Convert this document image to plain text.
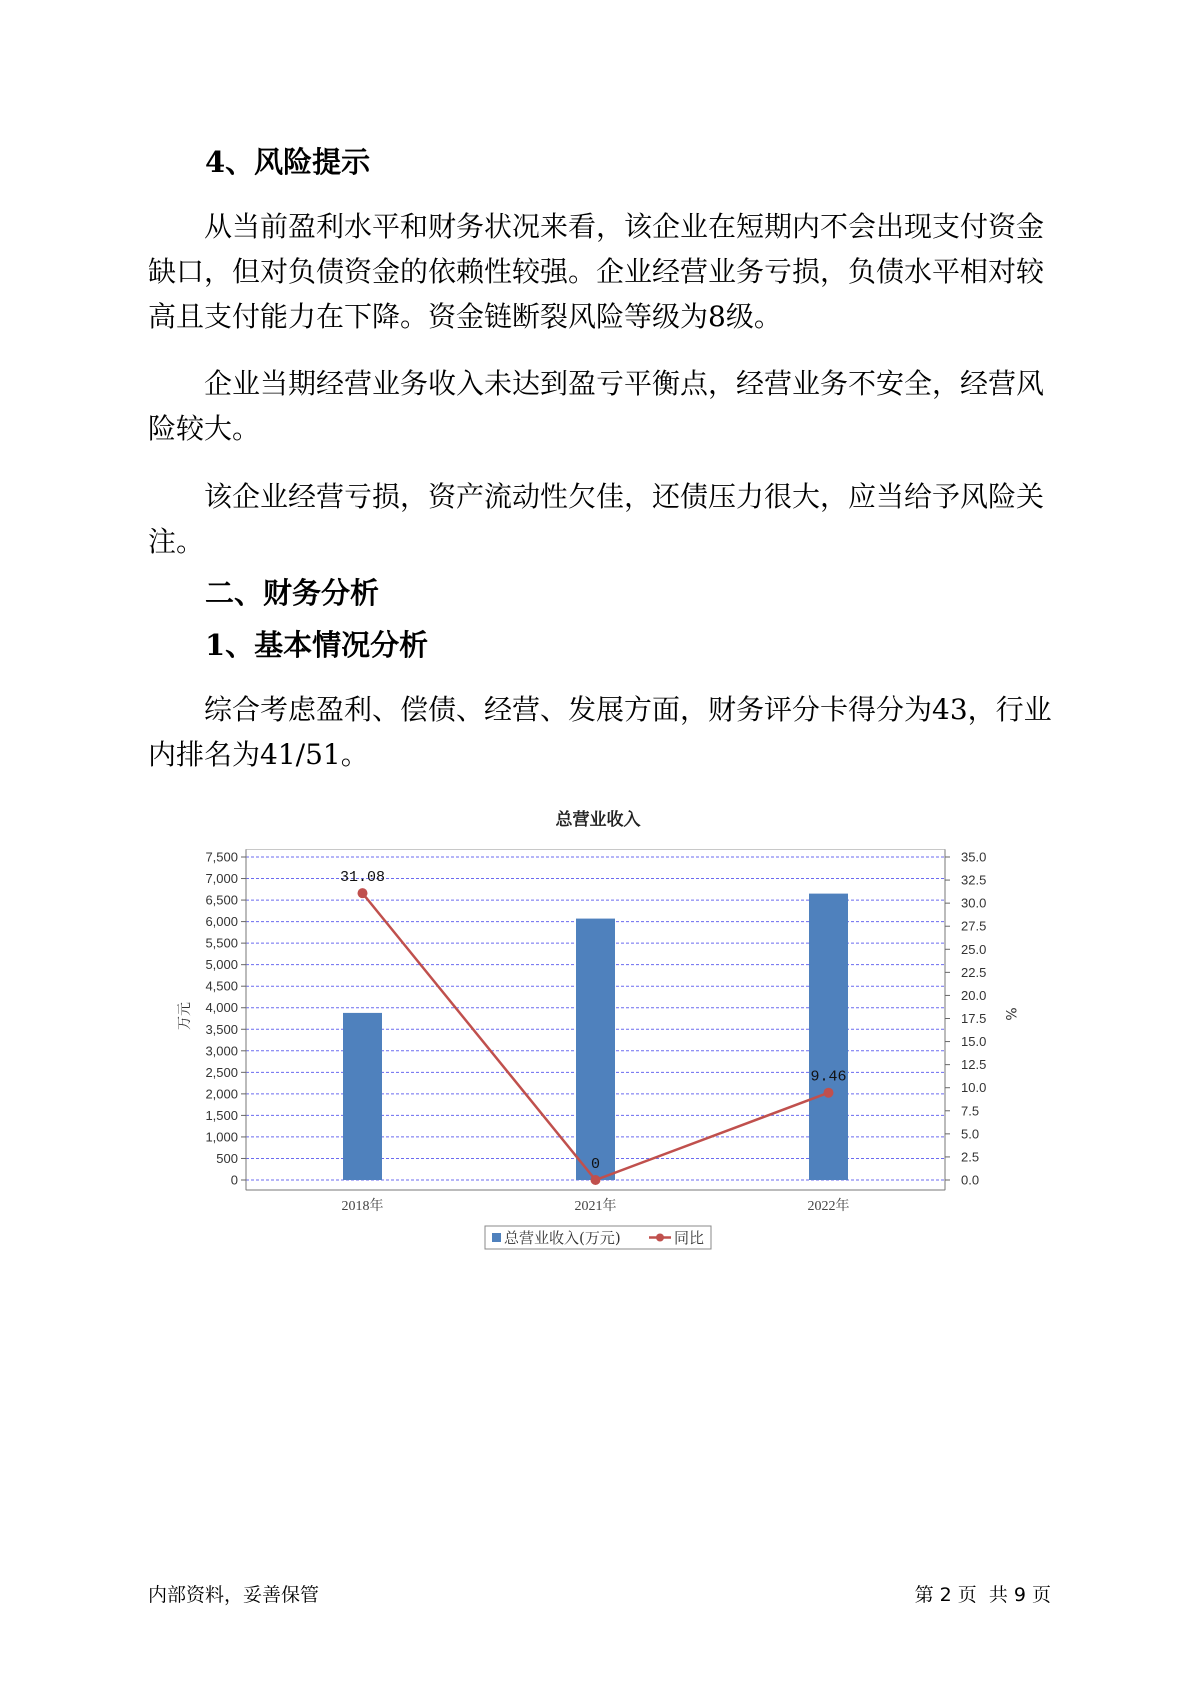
4、风险提示
从当前盈利水平和财务状况来看，该企业在短期内不会出现支付资金
缺口，但对负债资金的依赖性较强。企业经营业务亏损，负债水平相对较
高且支付能力在下降。资金链断裂风险等级为8级。
企业当期经营业务收入未达到盈亏平衡点，经营业务不安全，经营风
险较大。
该企业经营亏损，资产流动性欠佳，还债压力很大，应当给予风险关
注。
二、财务分析
1、基本情况分析
综合考虑盈利、偿债、经营、发展方面，财务评分卡得分为43，行业
内排名为41/51。
总营业收入
0
500
1,000
1,500
2,000
2,500
3,000
3,500
4,000
4,500
5,000
5,500
6,000
6,500
7,000
7,500
0.0
2.5
5.0
7.5
10.0
12.5
15.0
17.5
20.0
22.5
25.0
27.5
30.0
32.5
35.0
2018年	2021年	2022年
31.08
0
9.46
万元	%
总营业收入(万元)	同比
内部资料，妥善保管	第 2 页  共 9 页
